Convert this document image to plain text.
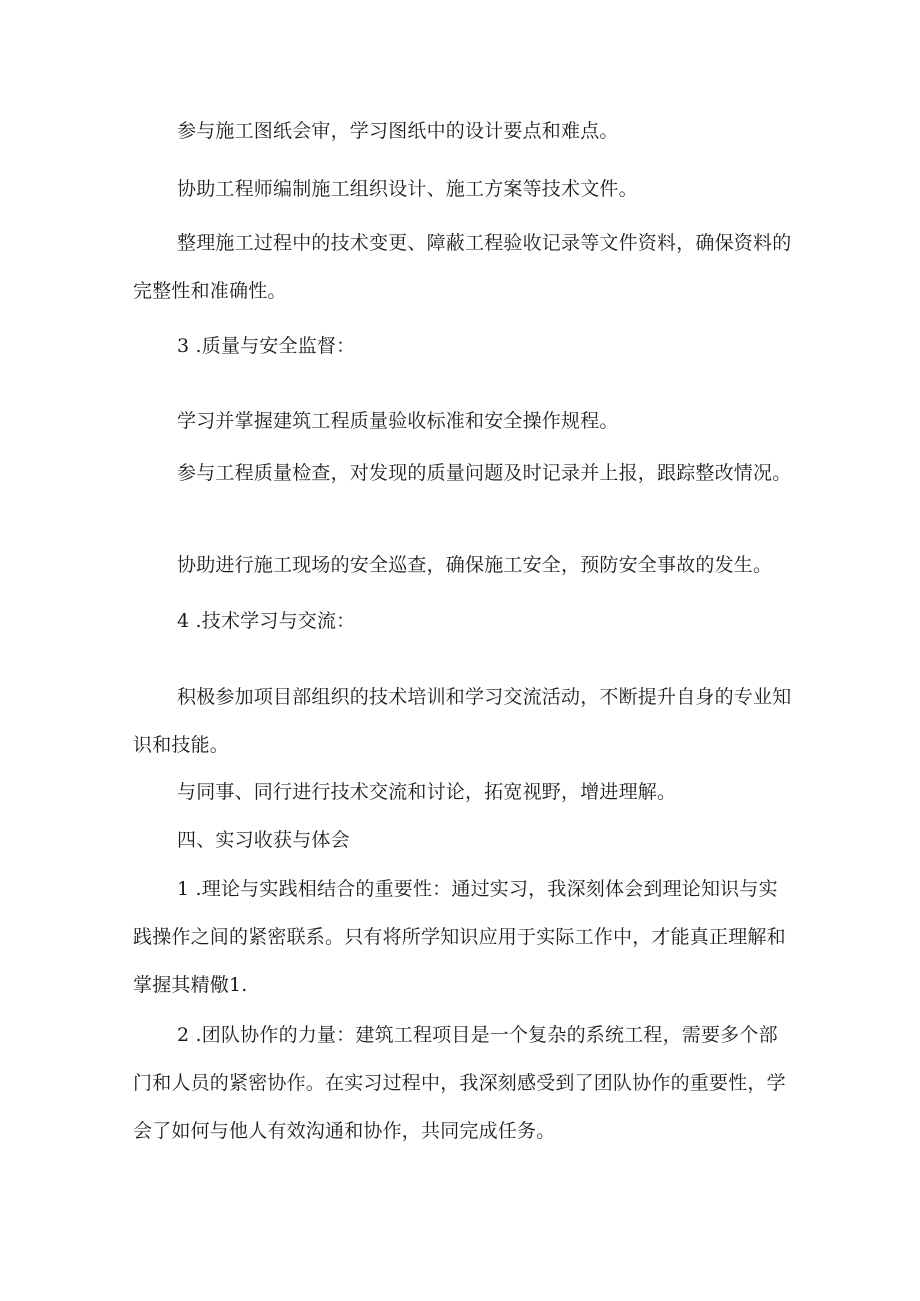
参与施工图纸会审，学习图纸中的设计要点和难点。

协助工程师编制施工组织设计、施工方案等技术文件。

整理施工过程中的技术变更、障蔽工程验收记录等文件资料，确保资料的完整性和准确性。

3 .质量与安全监督：

学习并掌握建筑工程质量验收标准和安全操作规程。

参与工程质量检查，对发现的质量问题及时记录并上报，跟踪整改情况。

协助进行施工现场的安全巡查，确保施工安全，预防安全事故的发生。

4 .技术学习与交流：

积极参加项目部组织的技术培训和学习交流活动，不断提升自身的专业知识和技能。

与同事、同行进行技术交流和讨论，拓宽视野，增进理解。

四、实习收获与体会

1 .理论与实践相结合的重要性：通过实习，我深刻体会到理论知识与实践操作之间的紧密联系。只有将所学知识应用于实际工作中，才能真正理解和掌握其精儆1.

2 .团队协作的力量：建筑工程项目是一个复杂的系统工程，需要多个部门和人员的紧密协作。在实习过程中，我深刻感受到了团队协作的重要性，学会了如何与他人有效沟通和协作，共同完成任务。
